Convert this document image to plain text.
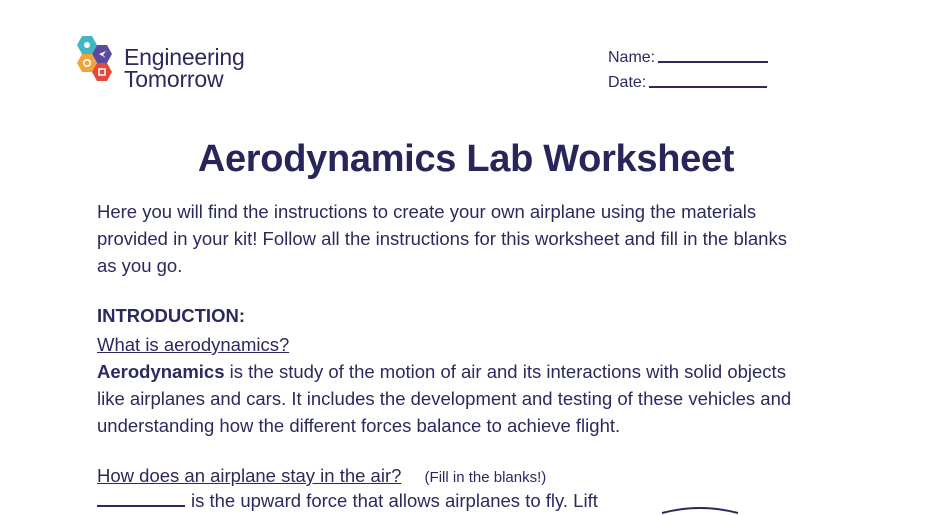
Engineering
Tomorrow
Name:
Date:
Aerodynamics Lab Worksheet
Here you will find the instructions to create your own airplane using the materials
provided in your kit! Follow all the instructions for this worksheet and fill in the blanks
as you go.
INTRODUCTION:
What is aerodynamics?
Aerodynamics is the study of the motion of air and its interactions with solid objects
like airplanes and cars. It includes the development and testing of these vehicles and
understanding how the different forces balance to achieve flight.
How does an airplane stay in the air? (Fill in the blanks!)
is the upward force that allows airplanes to fly. Lift
